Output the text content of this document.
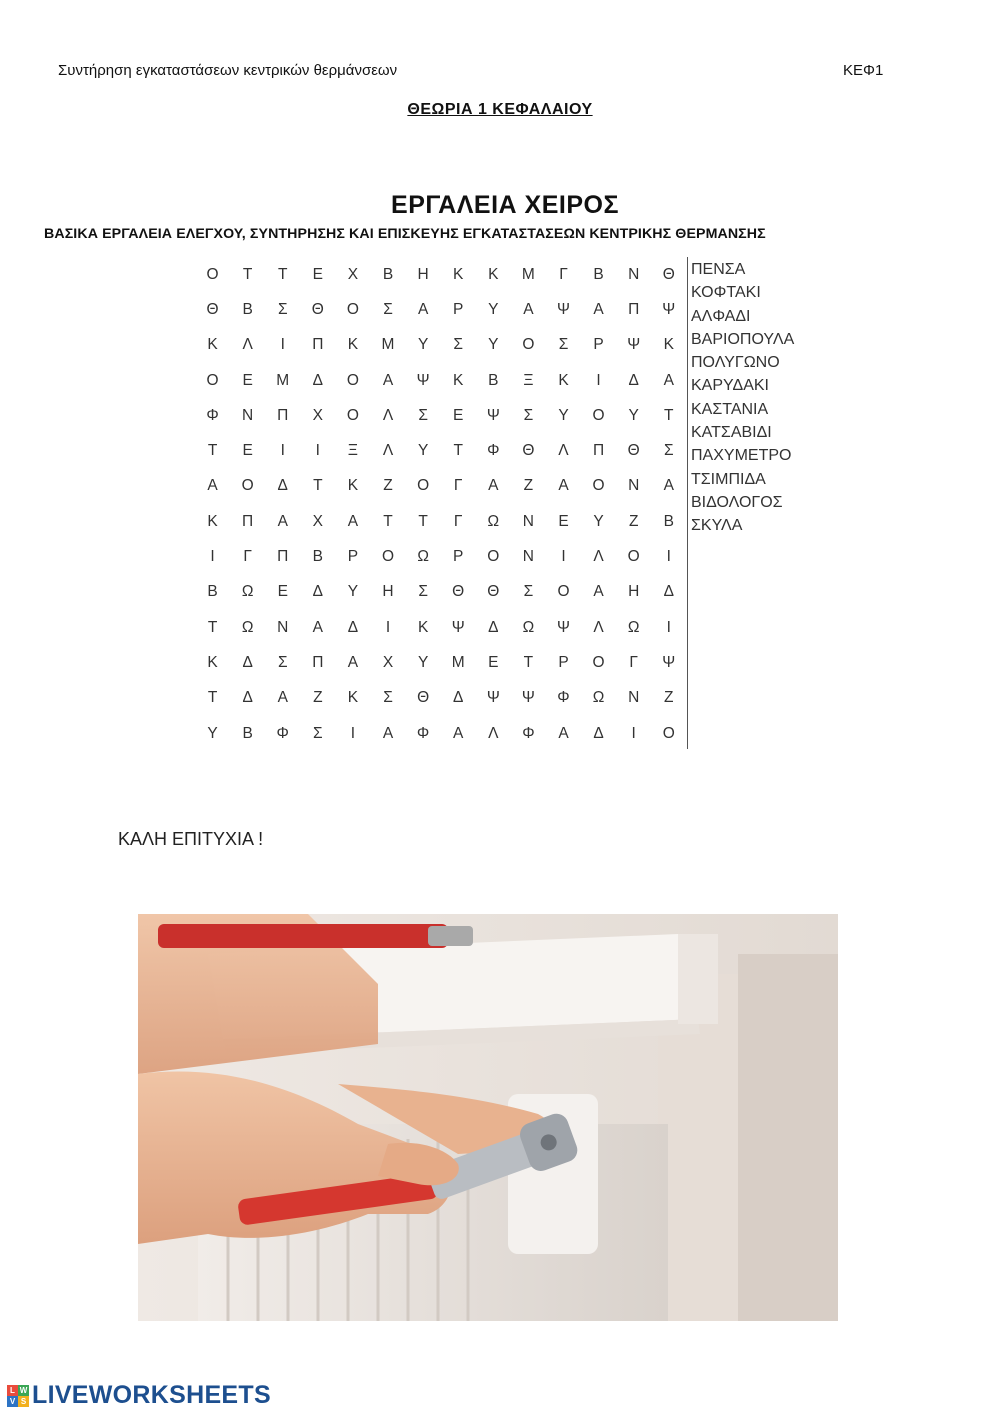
Συντήρηση εγκαταστάσεων κεντρικών θερμάνσεων	ΚΕΦ1
ΘΕΩΡΙΑ 1 ΚΕΦΑΛΑΙΟΥ
ΕΡΓΑΛΕΙΑ ΧΕΙΡΟΣ
ΒΑΣΙΚΑ ΕΡΓΑΛΕΙΑ ΕΛΕΓΧΟΥ, ΣΥΝΤΗΡΗΣΗΣ ΚΑΙ ΕΠΙΣΚΕΥΗΣ ΕΓΚΑΤΑΣΤΑΣΕΩΝ ΚΕΝΤΡΙΚΗΣ ΘΕΡΜΑΝΣΗΣ
Ο	Τ	Τ	Ε	Χ	Β	Η	Κ	Κ	Μ	Γ	Β	Ν	Θ
Θ	Β	Σ	Θ	Ο	Σ	Α	Ρ	Υ	Α	Ψ	Α	Π	Ψ
Κ	Λ	Ι	Π	Κ	Μ	Υ	Σ	Υ	Ο	Σ	Ρ	Ψ	Κ
Ο	Ε	Μ	Δ	Ο	Α	Ψ	Κ	Β	Ξ	Κ	Ι	Δ	Α
Φ	Ν	Π	Χ	Ο	Λ	Σ	Ε	Ψ	Σ	Υ	Ο	Υ	Τ
Τ	Ε	Ι	Ι	Ξ	Λ	Υ	Τ	Φ	Θ	Λ	Π	Θ	Σ
Α	Ο	Δ	Τ	Κ	Ζ	Ο	Γ	Α	Ζ	Α	Ο	Ν	Α
Κ	Π	Α	Χ	Α	Τ	Τ	Γ	Ω	Ν	Ε	Υ	Ζ	Β
Ι	Γ	Π	Β	Ρ	Ο	Ω	Ρ	Ο	Ν	Ι	Λ	Ο	Ι
Β	Ω	Ε	Δ	Υ	Η	Σ	Θ	Θ	Σ	Ο	Α	Η	Δ
Τ	Ω	Ν	Α	Δ	Ι	Κ	Ψ	Δ	Ω	Ψ	Λ	Ω	Ι
Κ	Δ	Σ	Π	Α	Χ	Υ	Μ	Ε	Τ	Ρ	Ο	Γ	Ψ
Τ	Δ	Α	Ζ	Κ	Σ	Θ	Δ	Ψ	Ψ	Φ	Ω	Ν	Ζ
Υ	Β	Φ	Σ	Ι	Α	Φ	Α	Λ	Φ	Α	Δ	Ι	Ο
ΠΕΝΣΑ
ΚΟΦΤΑΚΙ
ΑΛΦΑΔΙ
ΒΑΡΙΟΠΟΥΛΑ
ΠΟΛΥΓΩΝΟ
ΚΑΡΥΔΑΚΙ
ΚΑΣΤΑΝΙΑ
ΚΑΤΣΑΒΙΔΙ
ΠΑΧΥΜΕΤΡΟ
ΤΣΙΜΠΙΔΑ
ΒΙΔΟΛΟΓΟΣ
ΣΚΥΛΑ
ΚΑΛΗ ΕΠΙΤΥΧΙΑ !
L W
V S LIVEWORKSHEETS
